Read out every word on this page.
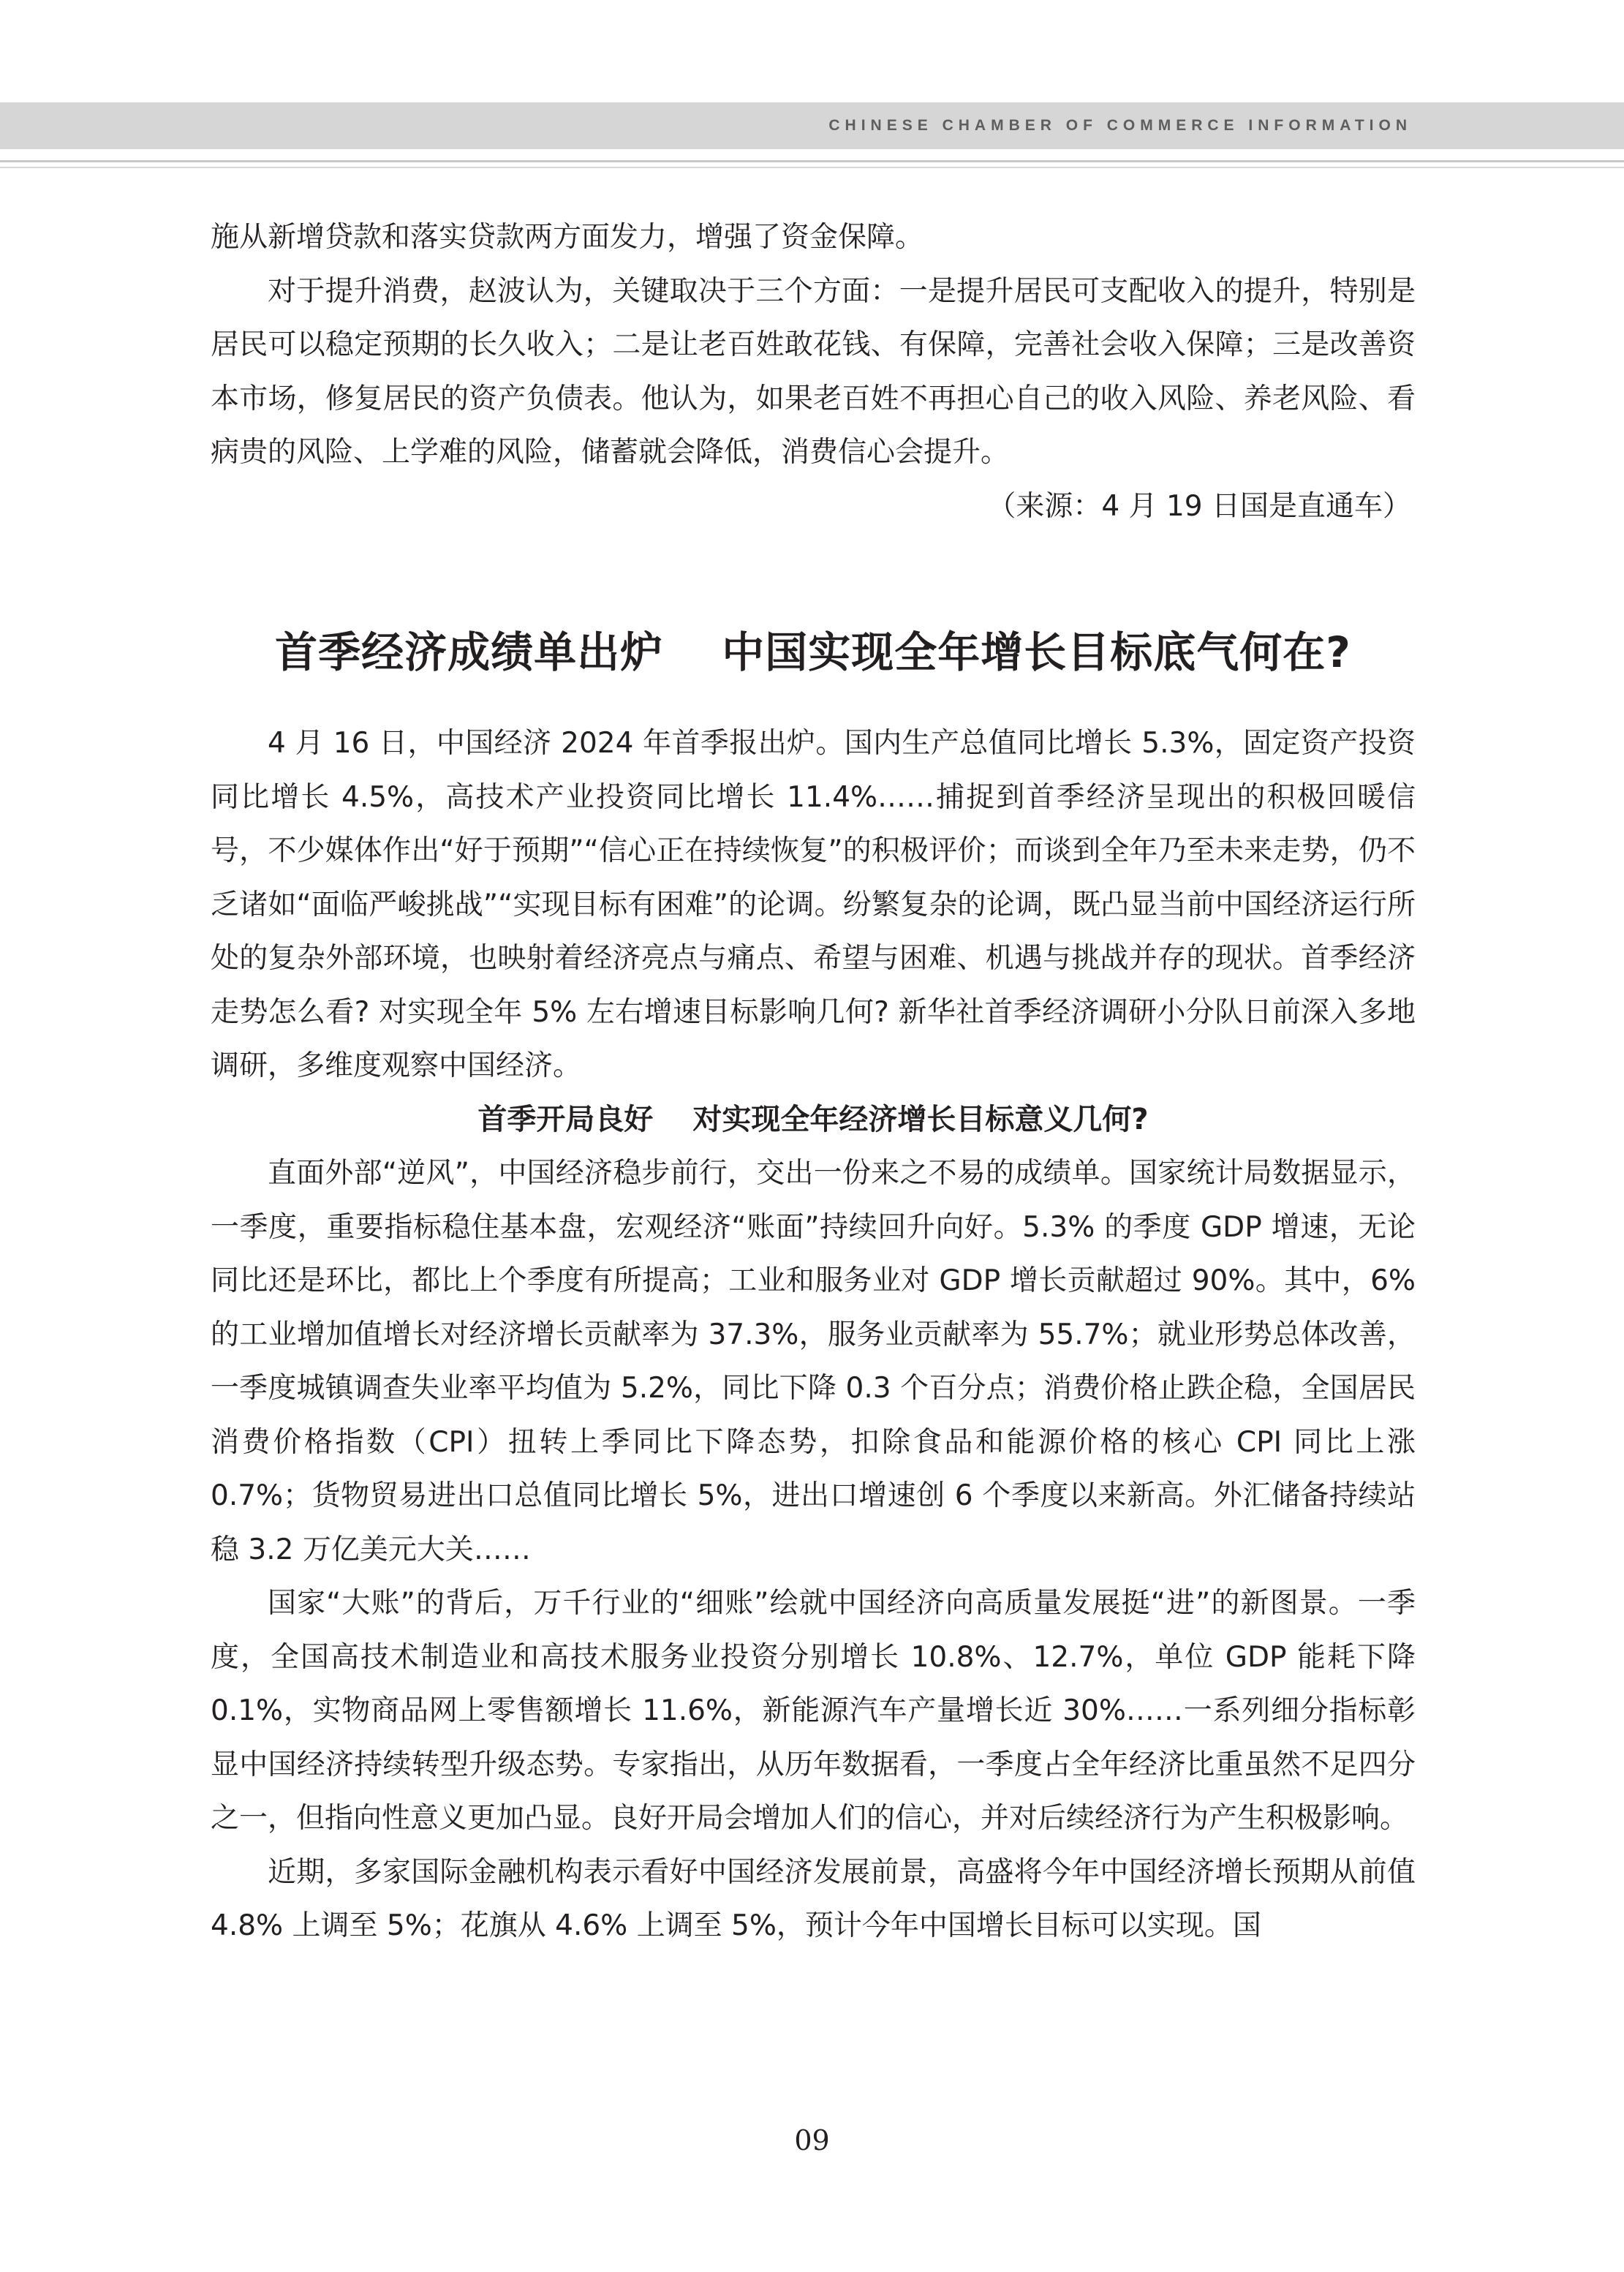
CHINESE CHAMBER OF COMMERCE INFORMATION

施从新增贷款和落实贷款两方面发力，增强了资金保障。

对于提升消费，赵波认为，关键取决于三个方面：一是提升居民可支配收入的提升，特别是居民可以稳定预期的长久收入；二是让老百姓敢花钱、有保障，完善社会收入保障；三是改善资本市场，修复居民的资产负债表。他认为，如果老百姓不再担心自己的收入风险、养老风险、看病贵的风险、上学难的风险，储蓄就会降低，消费信心会提升。

（来源：4 月 19 日国是直通车）

首季经济成绩单出炉　 中国实现全年增长目标底气何在?

4 月 16 日，中国经济 2024 年首季报出炉。国内生产总值同比增长 5.3%，固定资产投资同比增长 4.5%，高技术产业投资同比增长 11.4%……捕捉到首季经济呈现出的积极回暖信号，不少媒体作出“好于预期”“信心正在持续恢复”的积极评价；而谈到全年乃至未来走势，仍不乏诸如“面临严峻挑战”“实现目标有困难”的论调。纷繁复杂的论调，既凸显当前中国经济运行所处的复杂外部环境，也映射着经济亮点与痛点、希望与困难、机遇与挑战并存的现状。首季经济走势怎么看? 对实现全年 5% 左右增速目标影响几何? 新华社首季经济调研小分队日前深入多地调研，多维度观察中国经济。

首季开局良好　 对实现全年经济增长目标意义几何?

直面外部“逆风”，中国经济稳步前行，交出一份来之不易的成绩单。国家统计局数据显示，一季度，重要指标稳住基本盘，宏观经济“账面”持续回升向好。5.3% 的季度 GDP 增速，无论同比还是环比，都比上个季度有所提高；工业和服务业对 GDP 增长贡献超过 90%。其中，6% 的工业增加值增长对经济增长贡献率为 37.3%，服务业贡献率为 55.7%；就业形势总体改善，一季度城镇调查失业率平均值为 5.2%，同比下降 0.3 个百分点；消费价格止跌企稳，全国居民消费价格指数（CPI）扭转上季同比下降态势，扣除食品和能源价格的核心 CPI 同比上涨 0.7%；货物贸易进出口总值同比增长 5%，进出口增速创 6 个季度以来新高。外汇储备持续站稳 3.2 万亿美元大关……

国家“大账”的背后，万千行业的“细账”绘就中国经济向高质量发展挺“进”的新图景。一季度，全国高技术制造业和高技术服务业投资分别增长 10.8%、12.7%，单位 GDP 能耗下降 0.1%，实物商品网上零售额增长 11.6%，新能源汽车产量增长近 30%……一系列细分指标彰显中国经济持续转型升级态势。专家指出，从历年数据看，一季度占全年经济比重虽然不足四分之一，但指向性意义更加凸显。良好开局会增加人们的信心，并对后续经济行为产生积极影响。

近期，多家国际金融机构表示看好中国经济发展前景，高盛将今年中国经济增长预期从前值 4.8% 上调至 5%；花旗从 4.6% 上调至 5%，预计今年中国增长目标可以实现。国

09
